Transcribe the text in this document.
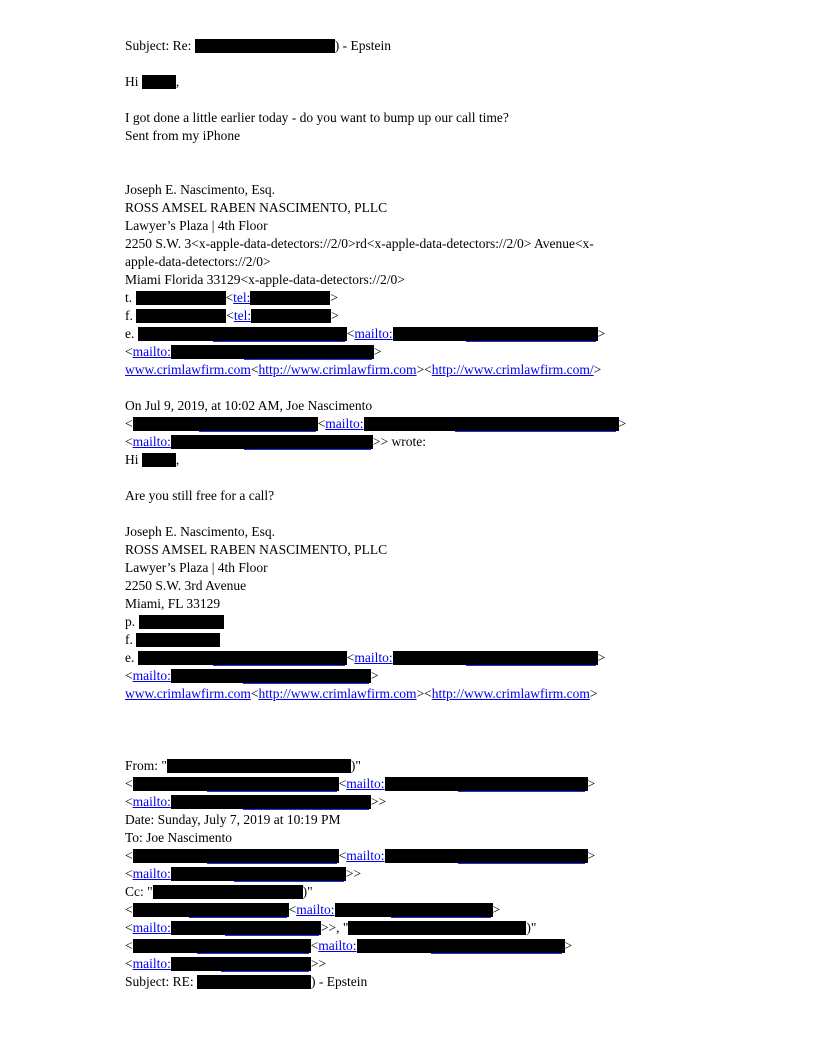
Subject: Re:	) - Epstein

Hi	,

I got done a little earlier today - do you want to bump up our call time?
Sent from my iPhone

Joseph E. Nascimento, Esq.
ROSS AMSEL RABEN NASCIMENTO, PLLC
Lawyer’s Plaza | 4th Floor
2250 S.W. 3<x-apple-data-detectors://2/0>rd<x-apple-data-detectors://2/0> Avenue<x-
apple-data-detectors://2/0>
Miami Florida 33129<x-apple-data-detectors://2/0>
t.	<tel:	>
f.	<tel:	>
e.	<mailto:	>
<mailto:	>
www.crimlawfirm.com<http://www.crimlawfirm.com><http://www.crimlawfirm.com/>

On Jul 9, 2019, at 10:02 AM, Joe Nascimento
<	<mailto:	>
<mailto:	>> wrote:
Hi	,

Are you still free for a call?

Joseph E. Nascimento, Esq.
ROSS AMSEL RABEN NASCIMENTO, PLLC
Lawyer’s Plaza | 4th Floor
2250 S.W. 3rd Avenue
Miami, FL 33129
p.
f.
e.	<mailto:	>
<mailto:	>
www.crimlawfirm.com<http://www.crimlawfirm.com><http://www.crimlawfirm.com>

From: "	)"
<	<mailto:	>
<mailto:	>>
Date: Sunday, July 7, 2019 at 10:19 PM
To: Joe Nascimento
<	<mailto:	>
<mailto:	>>
Cc: "	)"
<	<mailto:	>
<mailto:	>>, "	)"
<	<mailto:	>
<mailto:	>>
Subject: RE:	) - Epstein
